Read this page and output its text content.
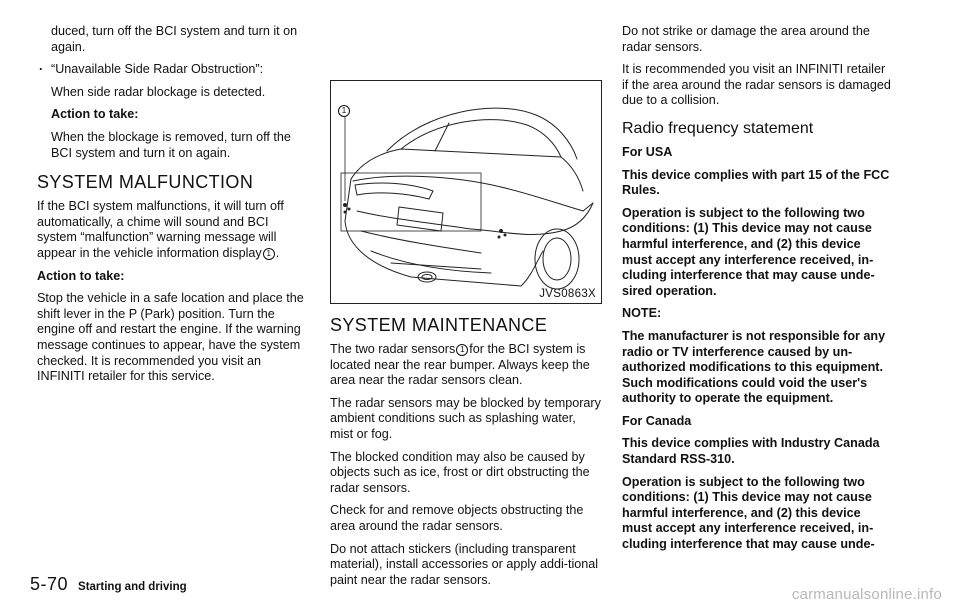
duced, turn off the BCI system and turn it on again.

. “Unavailable Side Radar Obstruction”:

When side radar blockage is detected.

Action to take:

When the blockage is removed, turn off the BCI system and turn it on again.

SYSTEM MALFUNCTION

If the BCI system malfunctions, it will turn off automatically, a chime will sound and BCI system “malfunction” warning message will appear in the vehicle information display 1 .

Action to take:

Stop the vehicle in a safe location and place the shift lever in the P (Park) position. Turn the engine off and restart the engine. If the warning message continues to appear, have the system checked. It is recommended you visit an INFINITI retailer for this service.

1
JVS0863X
SYSTEM MAINTENANCE

The two radar sensors 1 for the BCI system is located near the rear bumper. Always keep the area near the radar sensors clean.

The radar sensors may be blocked by temporary ambient conditions such as splashing water, mist or fog.

The blocked condition may also be caused by objects such as ice, frost or dirt obstructing the radar sensors.

Check for and remove objects obstructing the area around the radar sensors.

Do not attach stickers (including transparent material), install accessories or apply addi-tional paint near the radar sensors.

Do not strike or damage the area around the radar sensors.

It is recommended you visit an INFINITI retailer if the area around the radar sensors is damaged due to a collision.

Radio frequency statement

For USA

This device complies with part 15 of the FCC Rules.

Operation is subject to the following two conditions: (1) This device may not cause harmful interference, and (2) this device must accept any interference received, in-cluding interference that may cause unde-sired operation.

NOTE:

The manufacturer is not responsible for any radio or TV interference caused by un-authorized modifications to this equipment. Such modifications could void the user's authority to operate the equipment.

For Canada

This device complies with Industry Canada Standard RSS-310.

Operation is subject to the following two conditions: (1) This device may not cause harmful interference, and (2) this device must accept any interference received, in-cluding interference that may cause unde-

5-70 Starting and driving	carmanualsonline.info
